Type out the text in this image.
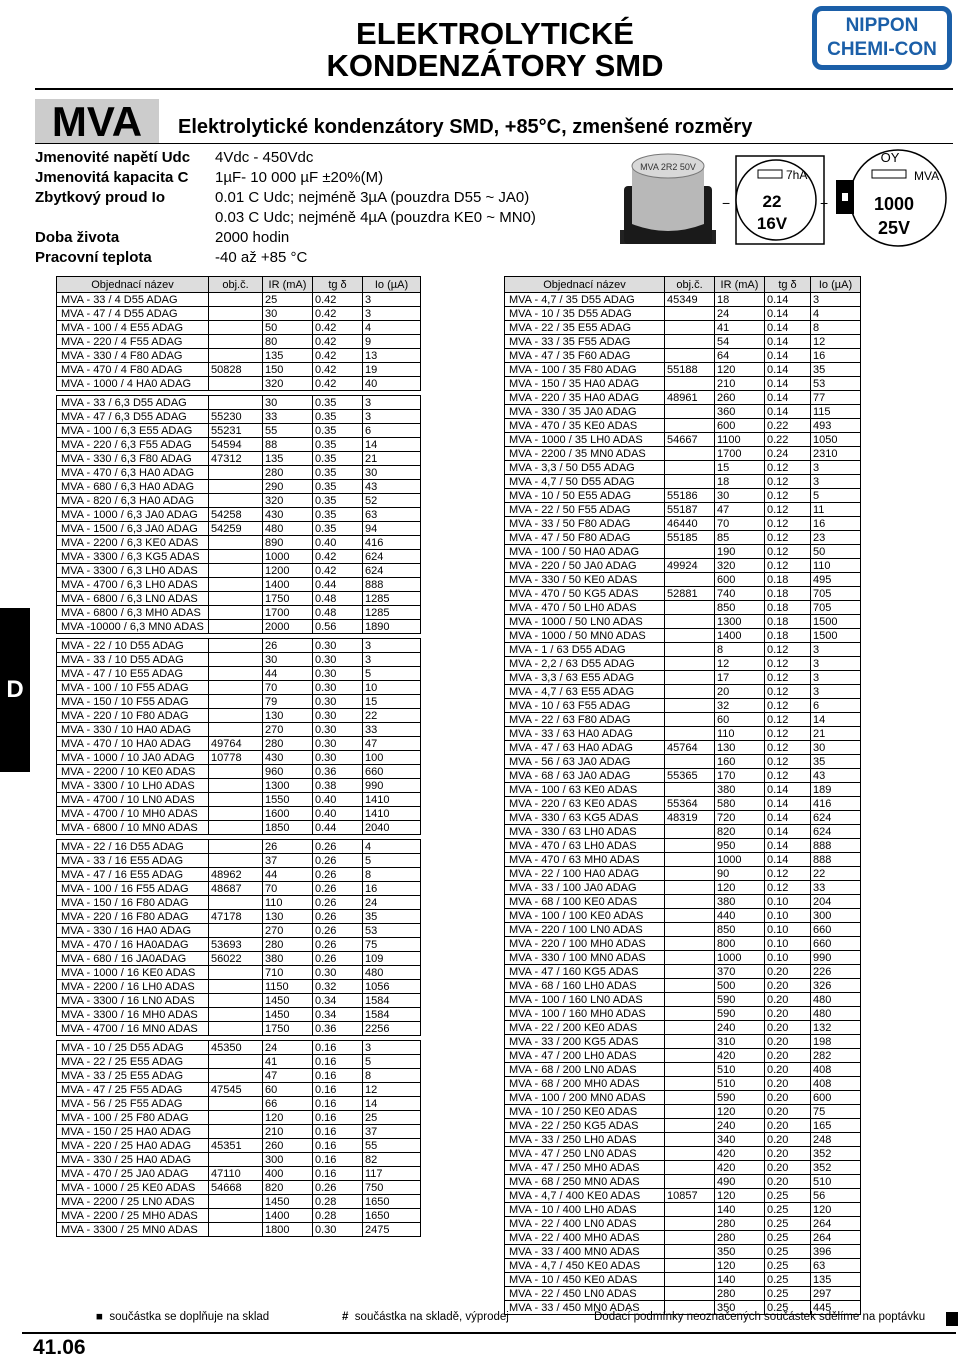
ELEKTROLYTICKÉ
KONDENZÁTORY SMD
NIPPON
CHEMI-CON
MVA	Elektrolytické kondenzátory SMD, +85°C, zmenšené rozměry
Jmenovité napětí Udc 4Vdc - 450Vdc
Jmenovitá kapacita C 1µF- 10 000 µF ±20%(M)
Zbytkový proud Io	0.01 C Udc; nejméně 3µA (pouzdra D55 ~ JA0)
0.03 C Udc; nejméně 4µA (pouzdra KE0 ~ MN0)
Doba života	2000 hodin
Pracovní teplota	-40 až +85 °C
MVA 2R2 50V
7hA
22
16V
−	+
OY
MVA
1000
25V
D
Objednací název	obj.č.	IR (mA)	tg δ	Io (µA)
MVA - 33 / 4 D55 ADAG		25	0.42	3
MVA - 47 / 4 D55 ADAG		30	0.42	3
MVA - 100 / 4 E55 ADAG		50	0.42	4
MVA - 220 / 4 F55 ADAG		80	0.42	9
MVA - 330 / 4 F80 ADAG		135	0.42	13
MVA - 470 / 4 F80 ADAG	50828	150	0.42	19
MVA - 1000 / 4 HA0 ADAG		320	0.42	40

MVA - 33 / 6,3 D55 ADAG		30	0.35	3
MVA - 47 / 6,3 D55 ADAG	55230	33	0.35	3
MVA - 100 / 6,3 E55 ADAG	55231	55	0.35	6
MVA - 220 / 6,3 F55 ADAG	54594	88	0.35	14
MVA - 330 / 6,3 F80 ADAG	47312	135	0.35	21
MVA - 470 / 6,3 HA0 ADAG		280	0.35	30
MVA - 680 / 6,3 HA0 ADAG		290	0.35	43
MVA - 820 / 6,3 HA0 ADAG		320	0.35	52
MVA - 1000 / 6,3 JA0 ADAG	54258	430	0.35	63
MVA - 1500 / 6,3 JA0 ADAG	54259	480	0.35	94
MVA - 2200 / 6,3 KE0 ADAS		890	0.40	416
MVA - 3300 / 6,3 KG5 ADAS		1000	0.42	624
MVA - 3300 / 6,3 LH0 ADAS		1200	0.42	624
MVA - 4700 / 6,3 LH0 ADAS		1400	0.44	888
MVA - 6800 / 6,3 LN0 ADAS		1750	0.48	1285
MVA - 6800 / 6,3 MH0 ADAS		1700	0.48	1285
MVA -10000 / 6,3 MN0 ADAS		2000	0.56	1890

MVA - 22 / 10 D55 ADAG		26	0.30	3
MVA - 33 / 10 D55 ADAG		30	0.30	3
MVA - 47 / 10 E55 ADAG		44	0.30	5
MVA - 100 / 10 F55 ADAG		70	0.30	10
MVA - 150 / 10 F55 ADAG		79	0.30	15
MVA - 220 / 10 F80 ADAG		130	0.30	22
MVA - 330 / 10 HA0 ADAG		270	0.30	33
MVA - 470 / 10 HA0 ADAG	49764	280	0.30	47
MVA - 1000 / 10 JA0 ADAG	10778	430	0.30	100
MVA - 2200 / 10 KE0 ADAS		960	0.36	660
MVA - 3300 / 10 LH0 ADAS		1300	0.38	990
MVA - 4700 / 10 LN0 ADAS		1550	0.40	1410
MVA - 4700 / 10 MH0 ADAS		1600	0.40	1410
MVA - 6800 / 10 MN0 ADAS		1850	0.44	2040

MVA - 22 / 16 D55 ADAG		26	0.26	4
MVA - 33 / 16 E55 ADAG		37	0.26	5
MVA - 47 / 16 E55 ADAG	48962	44	0.26	8
MVA - 100 / 16 F55 ADAG	48687	70	0.26	16
MVA - 150 / 16 F80 ADAG		110	0.26	24
MVA - 220 / 16 F80 ADAG	47178	130	0.26	35
MVA - 330 / 16 HA0 ADAG		270	0.26	53
MVA - 470 / 16 HA0ADAG	53693	280	0.26	75
MVA - 680 / 16 JA0ADAG	56022	380	0.26	109
MVA - 1000 / 16 KE0 ADAS		710	0.30	480
MVA - 2200 / 16 LH0 ADAS		1150	0.32	1056
MVA - 3300 / 16 LN0 ADAS		1450	0.34	1584
MVA - 3300 / 16 MH0 ADAS		1450	0.34	1584
MVA - 4700 / 16 MN0 ADAS		1750	0.36	2256

MVA - 10 / 25 D55 ADAG	45350	24	0.16	3
MVA - 22 / 25 E55 ADAG		41	0.16	5
MVA - 33 / 25 E55 ADAG		47	0.16	8
MVA - 47 / 25 F55 ADAG	47545	60	0.16	12
MVA - 56 / 25 F55 ADAG		66	0.16	14
MVA - 100 / 25 F80 ADAG		120	0.16	25
MVA - 150 / 25 HA0 ADAG		210	0.16	37
MVA - 220 / 25 HA0 ADAG	45351	260	0.16	55
MVA - 330 / 25 HA0 ADAG		300	0.16	82
MVA - 470 / 25 JA0 ADAG	47110	400	0.16	117
MVA - 1000 / 25 KE0 ADAS	54668	820	0.26	750
MVA - 2200 / 25 LN0 ADAS		1450	0.28	1650
MVA - 2200 / 25 MH0 ADAS		1400	0.28	1650
MVA - 3300 / 25 MN0 ADAS		1800	0.30	2475
Objednací název	obj.č.	IR (mA)	tg δ	Io (µA)
MVA - 4,7 / 35 D55 ADAG	45349	18	0.14	3
MVA - 10 / 35 D55 ADAG		24	0.14	4
MVA - 22 / 35 E55 ADAG		41	0.14	8
MVA - 33 / 35 F55 ADAG		54	0.14	12
MVA - 47 / 35 F60 ADAG		64	0.14	16
MVA - 100 / 35 F80 ADAG	55188	120	0.14	35
MVA - 150 / 35 HA0 ADAG		210	0.14	53
MVA - 220 / 35 HA0 ADAG	48961	260	0.14	77
MVA - 330 / 35 JA0 ADAG		360	0.14	115
MVA - 470 / 35 KE0 ADAS		600	0.22	493
MVA - 1000 / 35 LH0 ADAS	54667	1100	0.22	1050
MVA - 2200 / 35 MN0 ADAS		1700	0.24	2310
MVA - 3,3 / 50 D55 ADAG		15	0.12	3
MVA - 4,7 / 50 D55 ADAG		18	0.12	3
MVA - 10 / 50 E55 ADAG	55186	30	0.12	5
MVA - 22 / 50 F55 ADAG	55187	47	0.12	11
MVA - 33 / 50 F80 ADAG	46440	70	0.12	16
MVA - 47 / 50 F80 ADAG	55185	85	0.12	23
MVA - 100 / 50 HA0 ADAG		190	0.12	50
MVA - 220 / 50 JA0 ADAG	49924	320	0.12	110
MVA - 330 / 50 KE0 ADAS		600	0.18	495
MVA - 470 / 50 KG5 ADAS	52881	740	0.18	705
MVA - 470 / 50 LH0 ADAS		850	0.18	705
MVA - 1000 / 50 LN0 ADAS		1300	0.18	1500
MVA - 1000 / 50 MN0 ADAS		1400	0.18	1500
MVA - 1 / 63 D55 ADAG		8	0.12	3
MVA - 2,2 / 63 D55 ADAG		12	0.12	3
MVA - 3,3 / 63 E55 ADAG		17	0.12	3
MVA - 4,7 / 63 E55 ADAG		20	0.12	3
MVA - 10 / 63 F55 ADAG		32	0.12	6
MVA - 22 / 63 F80 ADAG		60	0.12	14
MVA - 33 / 63 HA0 ADAG		110	0.12	21
MVA - 47 / 63 HA0 ADAG	45764	130	0.12	30
MVA - 56 / 63 JA0 ADAG		160	0.12	35
MVA - 68 / 63 JA0 ADAG	55365	170	0.12	43
MVA - 100 / 63 KE0 ADAS		380	0.14	189
MVA - 220 / 63 KE0 ADAS	55364	580	0.14	416
MVA - 330 / 63 KG5 ADAS	48319	720	0.14	624
MVA - 330 / 63 LH0 ADAS		820	0.14	624
MVA - 470 / 63 LH0 ADAS		950	0.14	888
MVA - 470 / 63 MH0 ADAS		1000	0.14	888
MVA - 22 / 100 HA0 ADAG		90	0.12	22
MVA - 33 / 100 JA0 ADAG		120	0.12	33
MVA - 68 / 100 KE0 ADAS		380	0.10	204
MVA - 100 / 100 KE0 ADAS		440	0.10	300
MVA - 220 / 100 LN0 ADAS		850	0.10	660
MVA - 220 / 100 MH0 ADAS		800	0.10	660
MVA - 330 / 100 MN0 ADAS		1000	0.10	990
MVA - 47 / 160 KG5 ADAS		370	0.20	226
MVA - 68 / 160 LH0 ADAS		500	0.20	326
MVA - 100 / 160 LN0 ADAS		590	0.20	480
MVA - 100 / 160 MH0 ADAS		590	0.20	480
MVA - 22 / 200 KE0 ADAS		240	0.20	132
MVA - 33 / 200 KG5 ADAS		310	0.20	198
MVA - 47 / 200 LH0 ADAS		420	0.20	282
MVA - 68 / 200 LN0 ADAS		510	0.20	408
MVA - 68 / 200 MH0 ADAS		510	0.20	408
MVA - 100 / 200 MN0 ADAS		590	0.20	600
MVA - 10 / 250 KE0 ADAS		120	0.20	75
MVA - 22 / 250 KG5 ADAS		240	0.20	165
MVA - 33 / 250 LH0 ADAS		340	0.20	248
MVA - 47 / 250 LN0 ADAS		420	0.20	352
MVA - 47 / 250 MH0 ADAS		420	0.20	352
MVA - 68 / 250 MN0 ADAS		490	0.20	510
MVA - 4,7 / 400 KE0 ADAS	10857	120	0.25	56
MVA - 10 / 400 LH0 ADAS		140	0.25	120
MVA - 22 / 400 LN0 ADAS		280	0.25	264
MVA - 22 / 400 MH0 ADAS		280	0.25	264
MVA - 33 / 400 MN0 ADAS		350	0.25	396
MVA - 4,7 / 450 KE0 ADAS		120	0.25	63
MVA - 10 / 450 KE0 ADAS		140	0.25	135
MVA - 22 / 450 LN0 ADAS		280	0.25	297
MVA - 33 / 450 MN0 ADAS		350	0.25	445
■ součástka se doplňuje na sklad	# součástka na skladě, výprodej	Dodací podmínky neoznačených součástek sdělíme na poptávku
41.06
